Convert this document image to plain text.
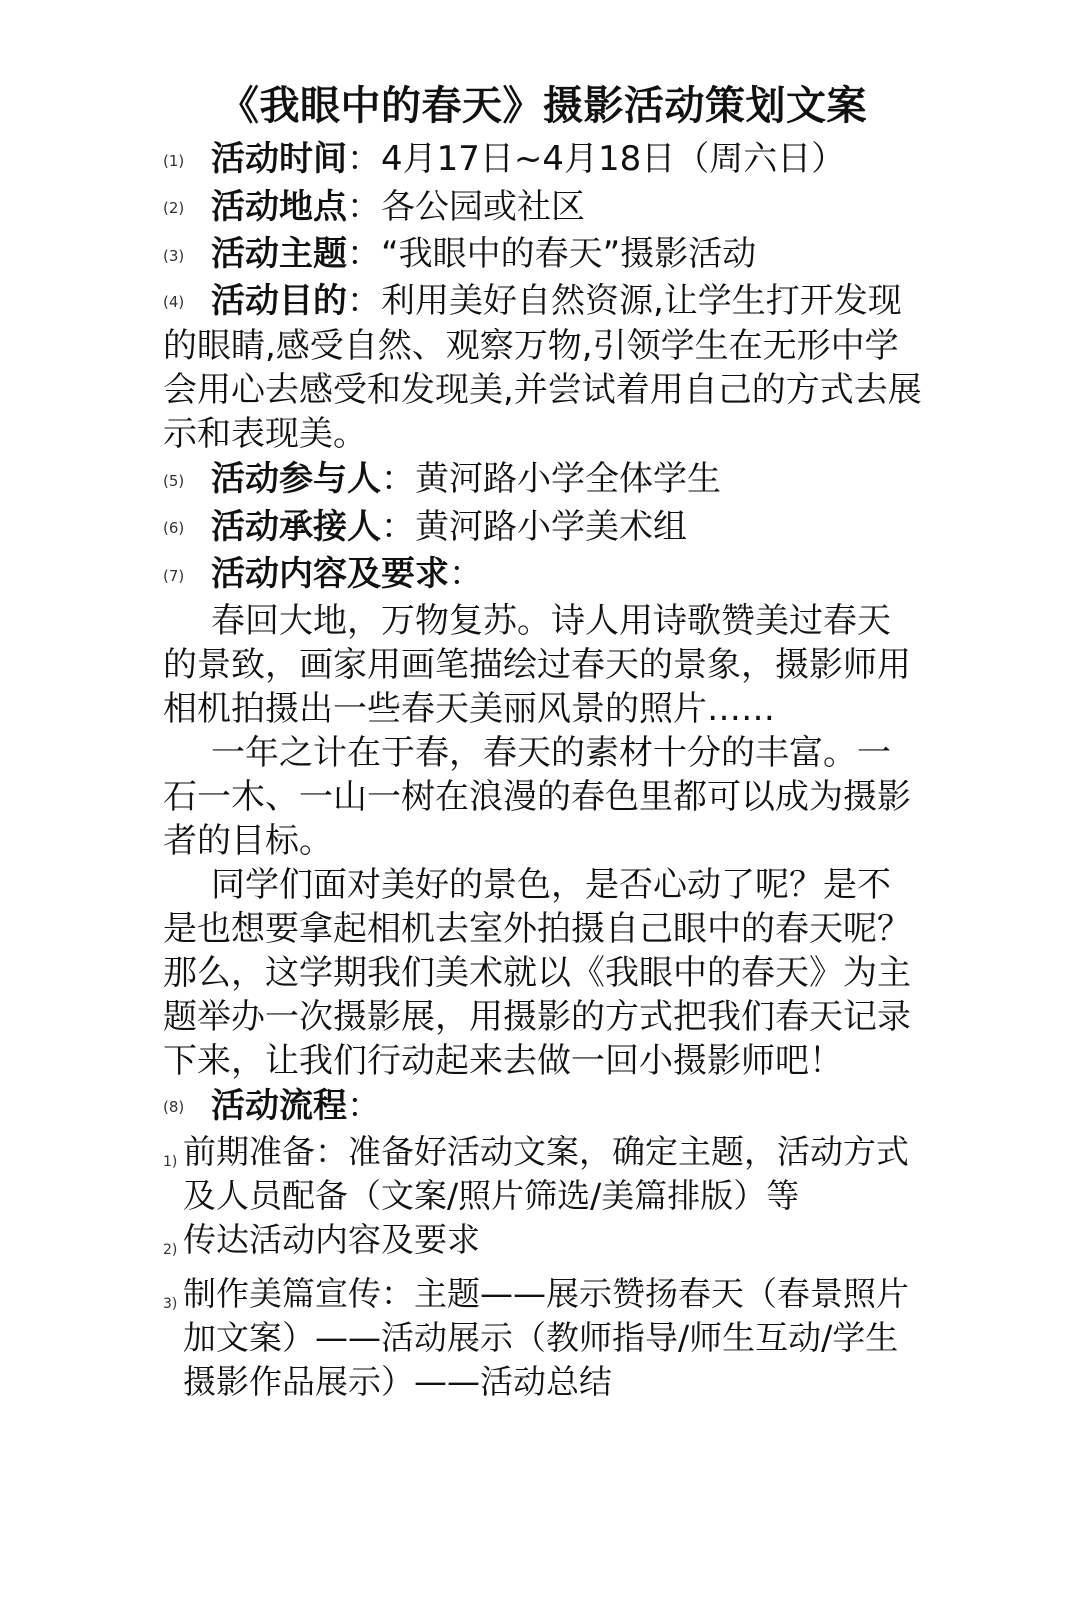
《我眼中的春天》摄影活动策划文案
(1) 活动时间：4月17日~4月18日（周六日）
(2) 活动地点：各公园或社区
(3) 活动主题：“我眼中的春天”摄影活动

(4) 活动目的：利用美好自然资源,让学生打开发现的眼睛,感受自然、观察万物,引领学生在无形中学会用心去感受和发现美,并尝试着用自己的方式去展示和表现美。

(5) 活动参与人：黄河路小学全体学生
(6) 活动承接人：黄河路小学美术组
(7) 活动内容及要求：

春回大地，万物复苏。诗人用诗歌赞美过春天的景致，画家用画笔描绘过春天的景象，摄影师用相机拍摄出一些春天美丽风景的照片……

一年之计在于春，春天的素材十分的丰富。一石一木、一山一树在浪漫的春色里都可以成为摄影者的目标。

同学们面对美好的景色，是否心动了呢？是不是也想要拿起相机去室外拍摄自己眼中的春天呢？那么，这学期我们美术就以《我眼中的春天》为主题举办一次摄影展，用摄影的方式把我们春天记录下来，让我们行动起来去做一回小摄影师吧！

(8) 活动流程：
1) 前期准备：准备好活动文案，确定主题，活动方式及人员配备（文案/照片筛选/美篇排版）等
2) 传达活动内容及要求
3) 制作美篇宣传：主题——展示赞扬春天（春景照片加文案）——活动展示（教师指导/师生互动/学生摄影作品展示）——活动总结
